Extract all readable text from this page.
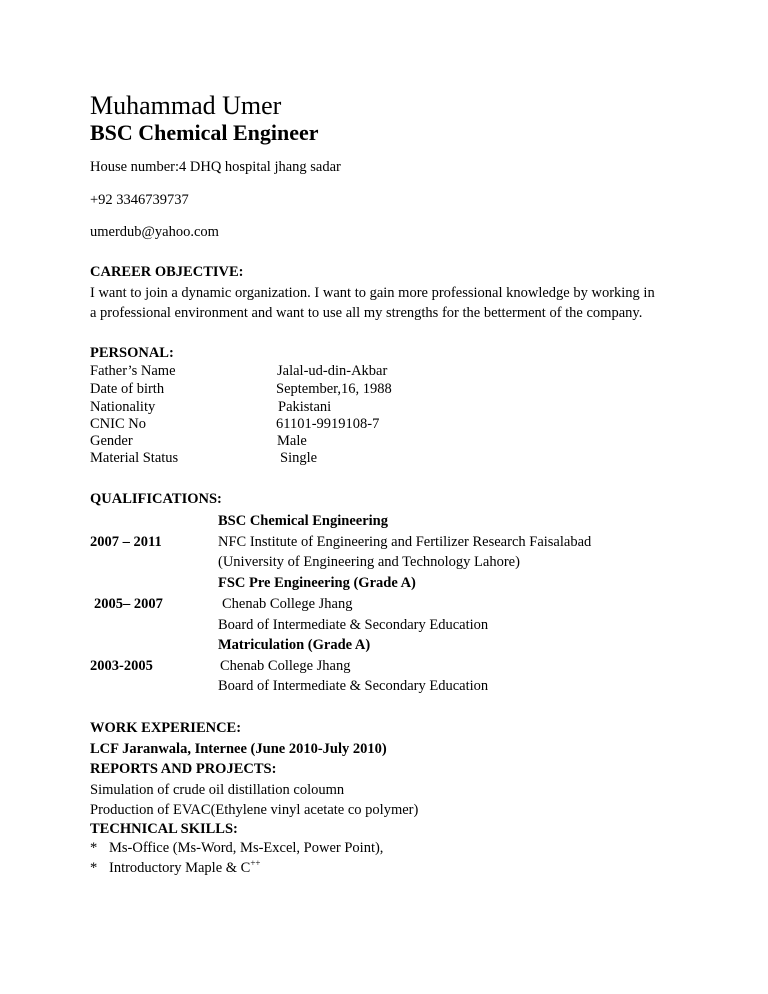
Muhammad Umer
BSC Chemical Engineer
House number:4 DHQ hospital jhang sadar
+92 3346739737
umerdub@yahoo.com
CAREER OBJECTIVE:
I want to join a dynamic organization. I want to gain more professional knowledge by working in
a professional environment and want to use all my strengths for the betterment of the company.
PERSONAL:
Father’s Name	Jalal-ud-din-Akbar
Date of birth	September,16, 1988
Nationality	Pakistani
CNIC No	61101-9919108-7
Gender	Male
Material Status	Single
QUALIFICATIONS:
BSC Chemical Engineering
2007 – 2011	NFC Institute of Engineering and Fertilizer Research Faisalabad
(University of Engineering and Technology Lahore)
FSC Pre Engineering (Grade A)
2005– 2007	Chenab College Jhang
Board of Intermediate & Secondary Education
Matriculation (Grade A)
2003-2005	Chenab College Jhang
Board of Intermediate & Secondary Education
WORK EXPERIENCE:
LCF Jaranwala, Internee (June 2010-July 2010)
REPORTS AND PROJECTS:
Simulation of crude oil distillation coloumn
Production of EVAC(Ethylene vinyl acetate co polymer)
TECHNICAL SKILLS:
* Ms-Office (Ms-Word, Ms-Excel, Power Point),
* Introductory Maple & C++
